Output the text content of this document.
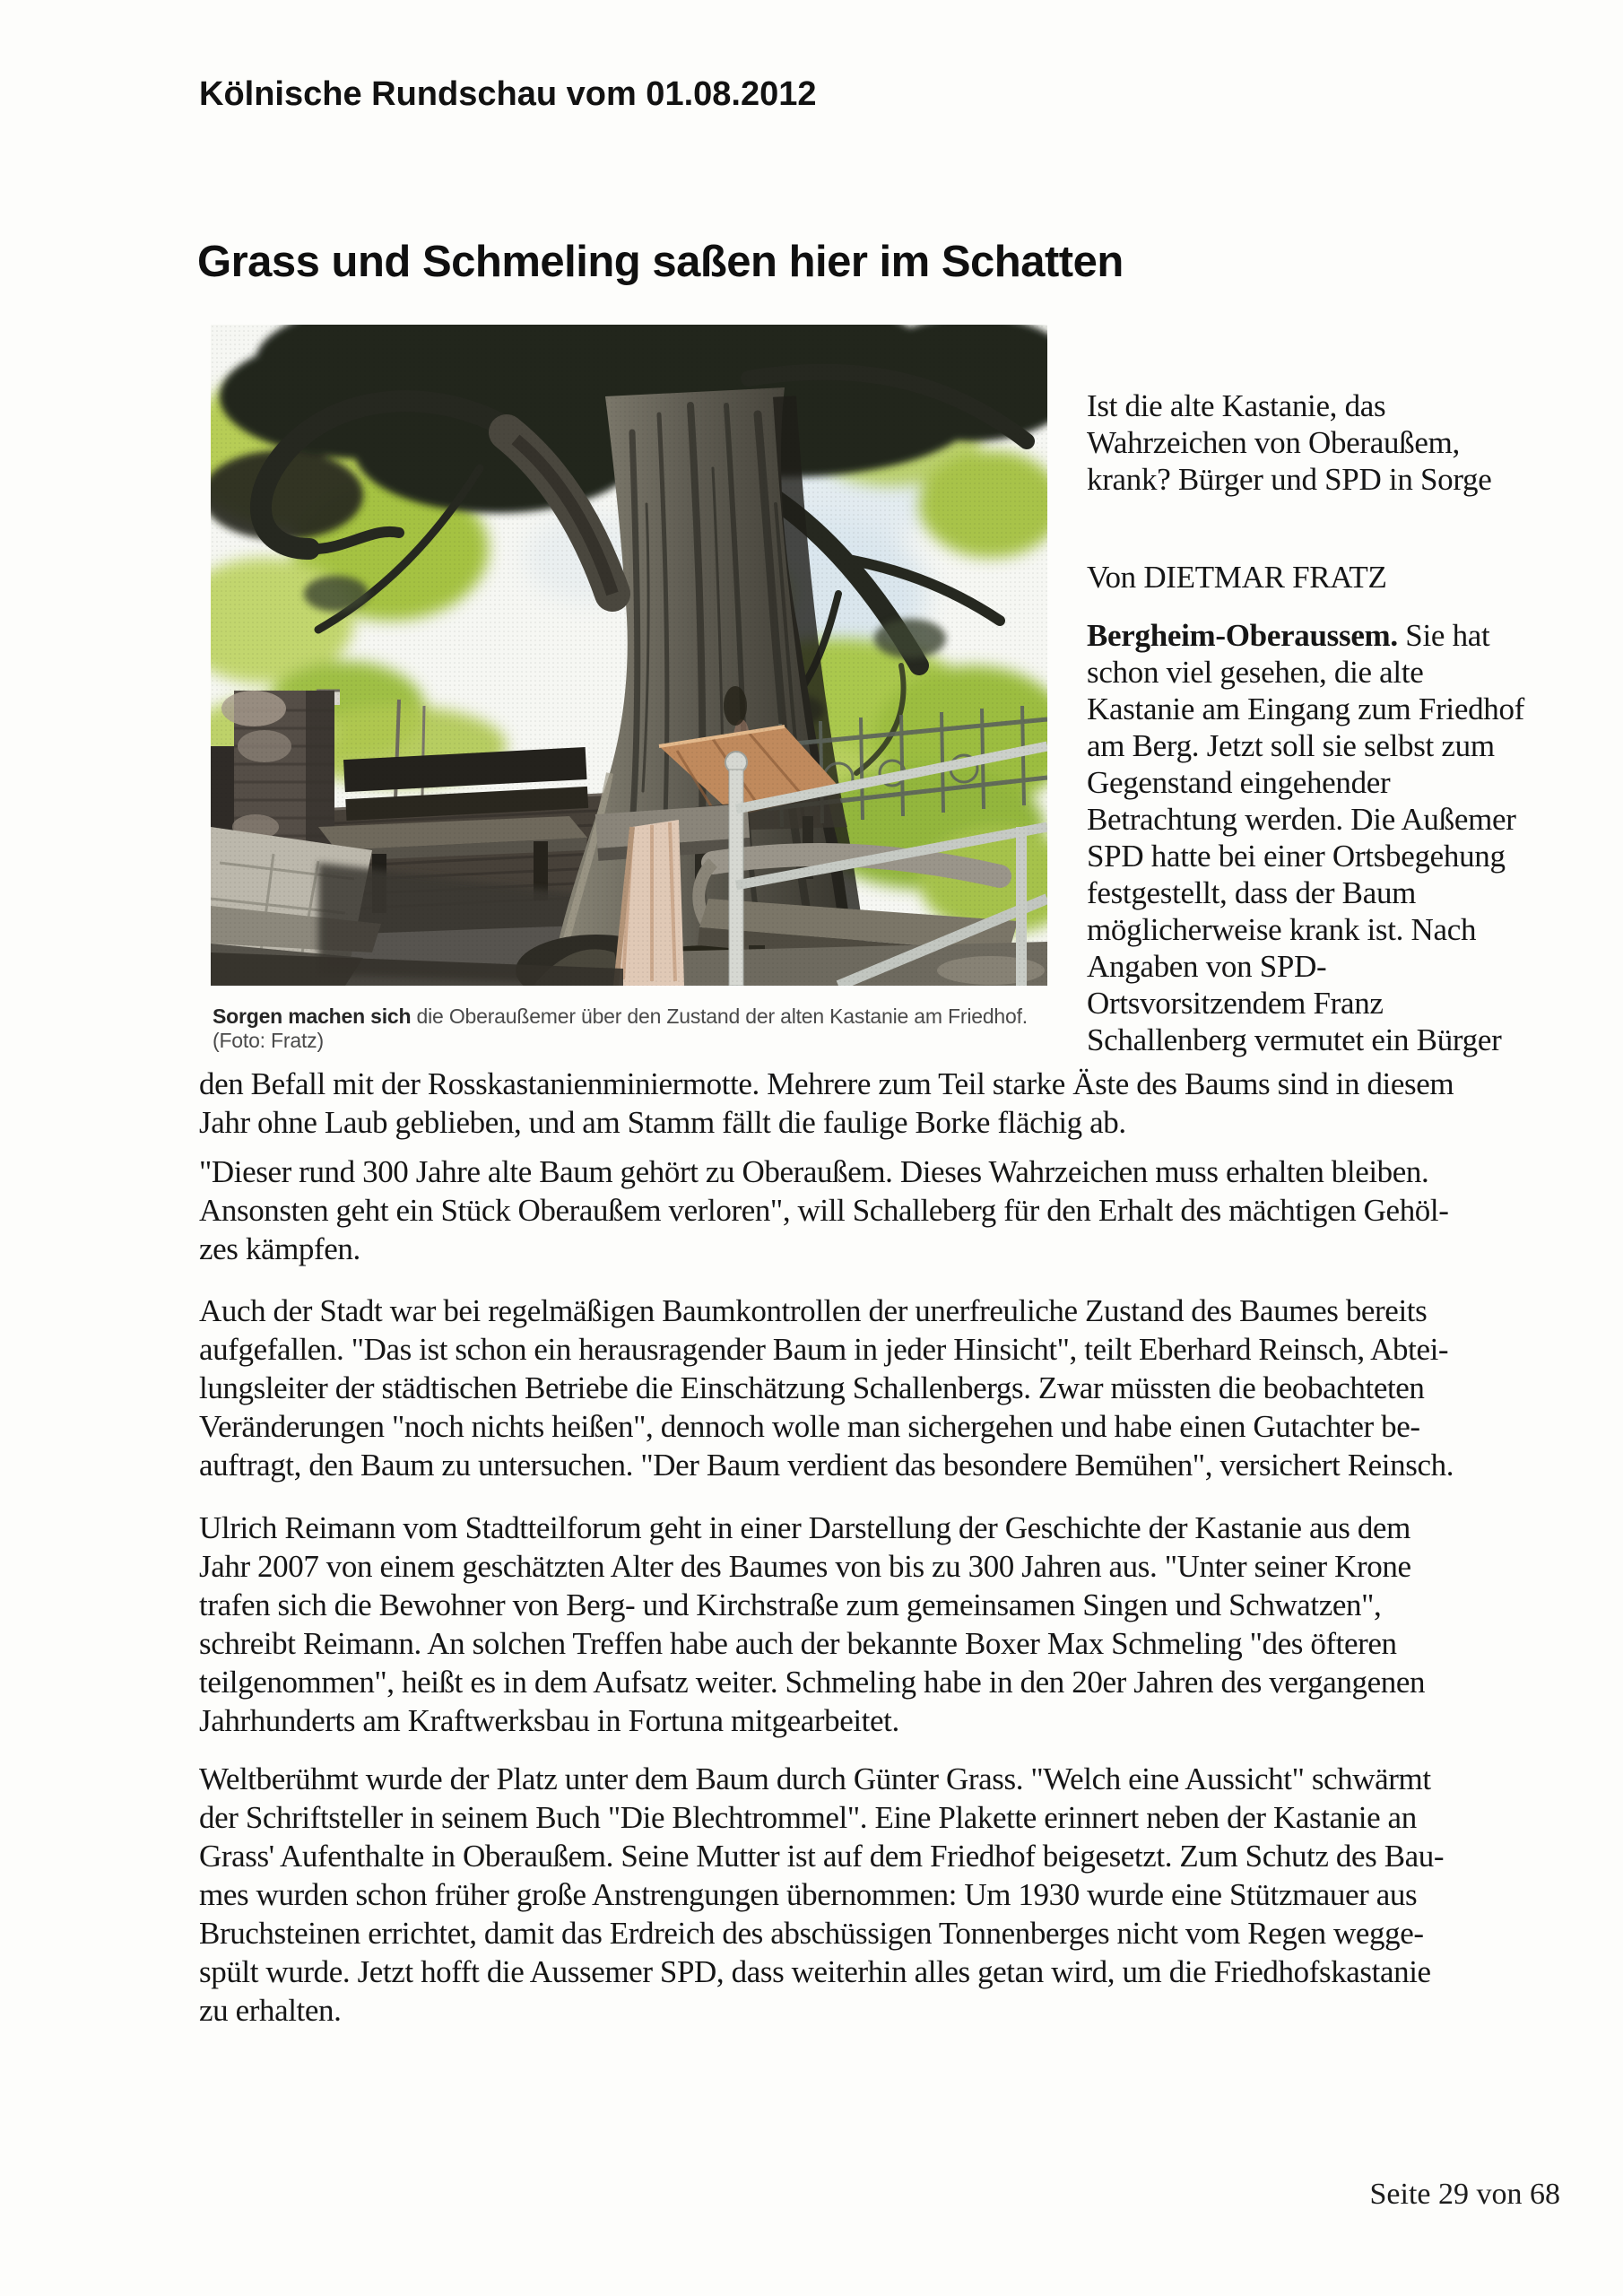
Kölnische Rundschau vom 01.08.2012
Grass und Schmeling saßen hier im Schatten
Sorgen machen sich die Oberaußemer über den Zustand der alten Kastanie am Friedhof. (Foto: Fratz)
Ist die alte Kastanie, das
Wahrzeichen von Oberaußem,
krank? Bürger und SPD in Sorge
Von DIETMAR FRATZ
Bergheim-Oberaussem. Sie hat
schon viel gesehen, die alte
Kastanie am Eingang zum Friedhof
am Berg. Jetzt soll sie selbst zum
Gegenstand eingehender
Betrachtung werden. Die Außemer
SPD hatte bei einer Ortsbegehung
festgestellt, dass der Baum
möglicherweise krank ist. Nach
Angaben von SPD-
Ortsvorsitzendem Franz
Schallenberg vermutet ein Bürger
den Befall mit der Rosskastanienminiermotte. Mehrere zum Teil starke Äste des Baums sind in diesem
Jahr ohne Laub geblieben, und am Stamm fällt die faulige Borke flächig ab.
"Dieser rund 300 Jahre alte Baum gehört zu Oberaußem. Dieses Wahrzeichen muss erhalten bleiben.
Ansonsten geht ein Stück Oberaußem verloren", will Schalleberg für den Erhalt des mächtigen Gehöl-
zes kämpfen.
Auch der Stadt war bei regelmäßigen Baumkontrollen der unerfreuliche Zustand des Baumes bereits
aufgefallen. "Das ist schon ein herausragender Baum in jeder Hinsicht", teilt Eberhard Reinsch, Abtei-
lungsleiter der städtischen Betriebe die Einschätzung Schallenbergs. Zwar müssten die beobachteten
Veränderungen "noch nichts heißen", dennoch wolle man sichergehen und habe einen Gutachter be-
auftragt, den Baum zu untersuchen. "Der Baum verdient das besondere Bemühen", versichert Reinsch.
Ulrich Reimann vom Stadtteilforum geht in einer Darstellung der Geschichte der Kastanie aus dem
Jahr 2007 von einem geschätzten Alter des Baumes von bis zu 300 Jahren aus. "Unter seiner Krone
trafen sich die Bewohner von Berg- und Kirchstraße zum gemeinsamen Singen und Schwatzen",
schreibt Reimann. An solchen Treffen habe auch der bekannte Boxer Max Schmeling "des öfteren
teilgenommen", heißt es in dem Aufsatz weiter. Schmeling habe in den 20er Jahren des vergangenen
Jahrhunderts am Kraftwerksbau in Fortuna mitgearbeitet.
Weltberühmt wurde der Platz unter dem Baum durch Günter Grass. "Welch eine Aussicht" schwärmt
der Schriftsteller in seinem Buch "Die Blechtrommel". Eine Plakette erinnert neben der Kastanie an
Grass' Aufenthalte in Oberaußem. Seine Mutter ist auf dem Friedhof beigesetzt. Zum Schutz des Bau-
mes wurden schon früher große Anstrengungen übernommen: Um 1930 wurde eine Stützmauer aus
Bruchsteinen errichtet, damit das Erdreich des abschüssigen Tonnenberges nicht vom Regen wegge-
spült wurde. Jetzt hofft die Aussemer SPD, dass weiterhin alles getan wird, um die Friedhofskastanie
zu erhalten.
Seite 29 von 68
